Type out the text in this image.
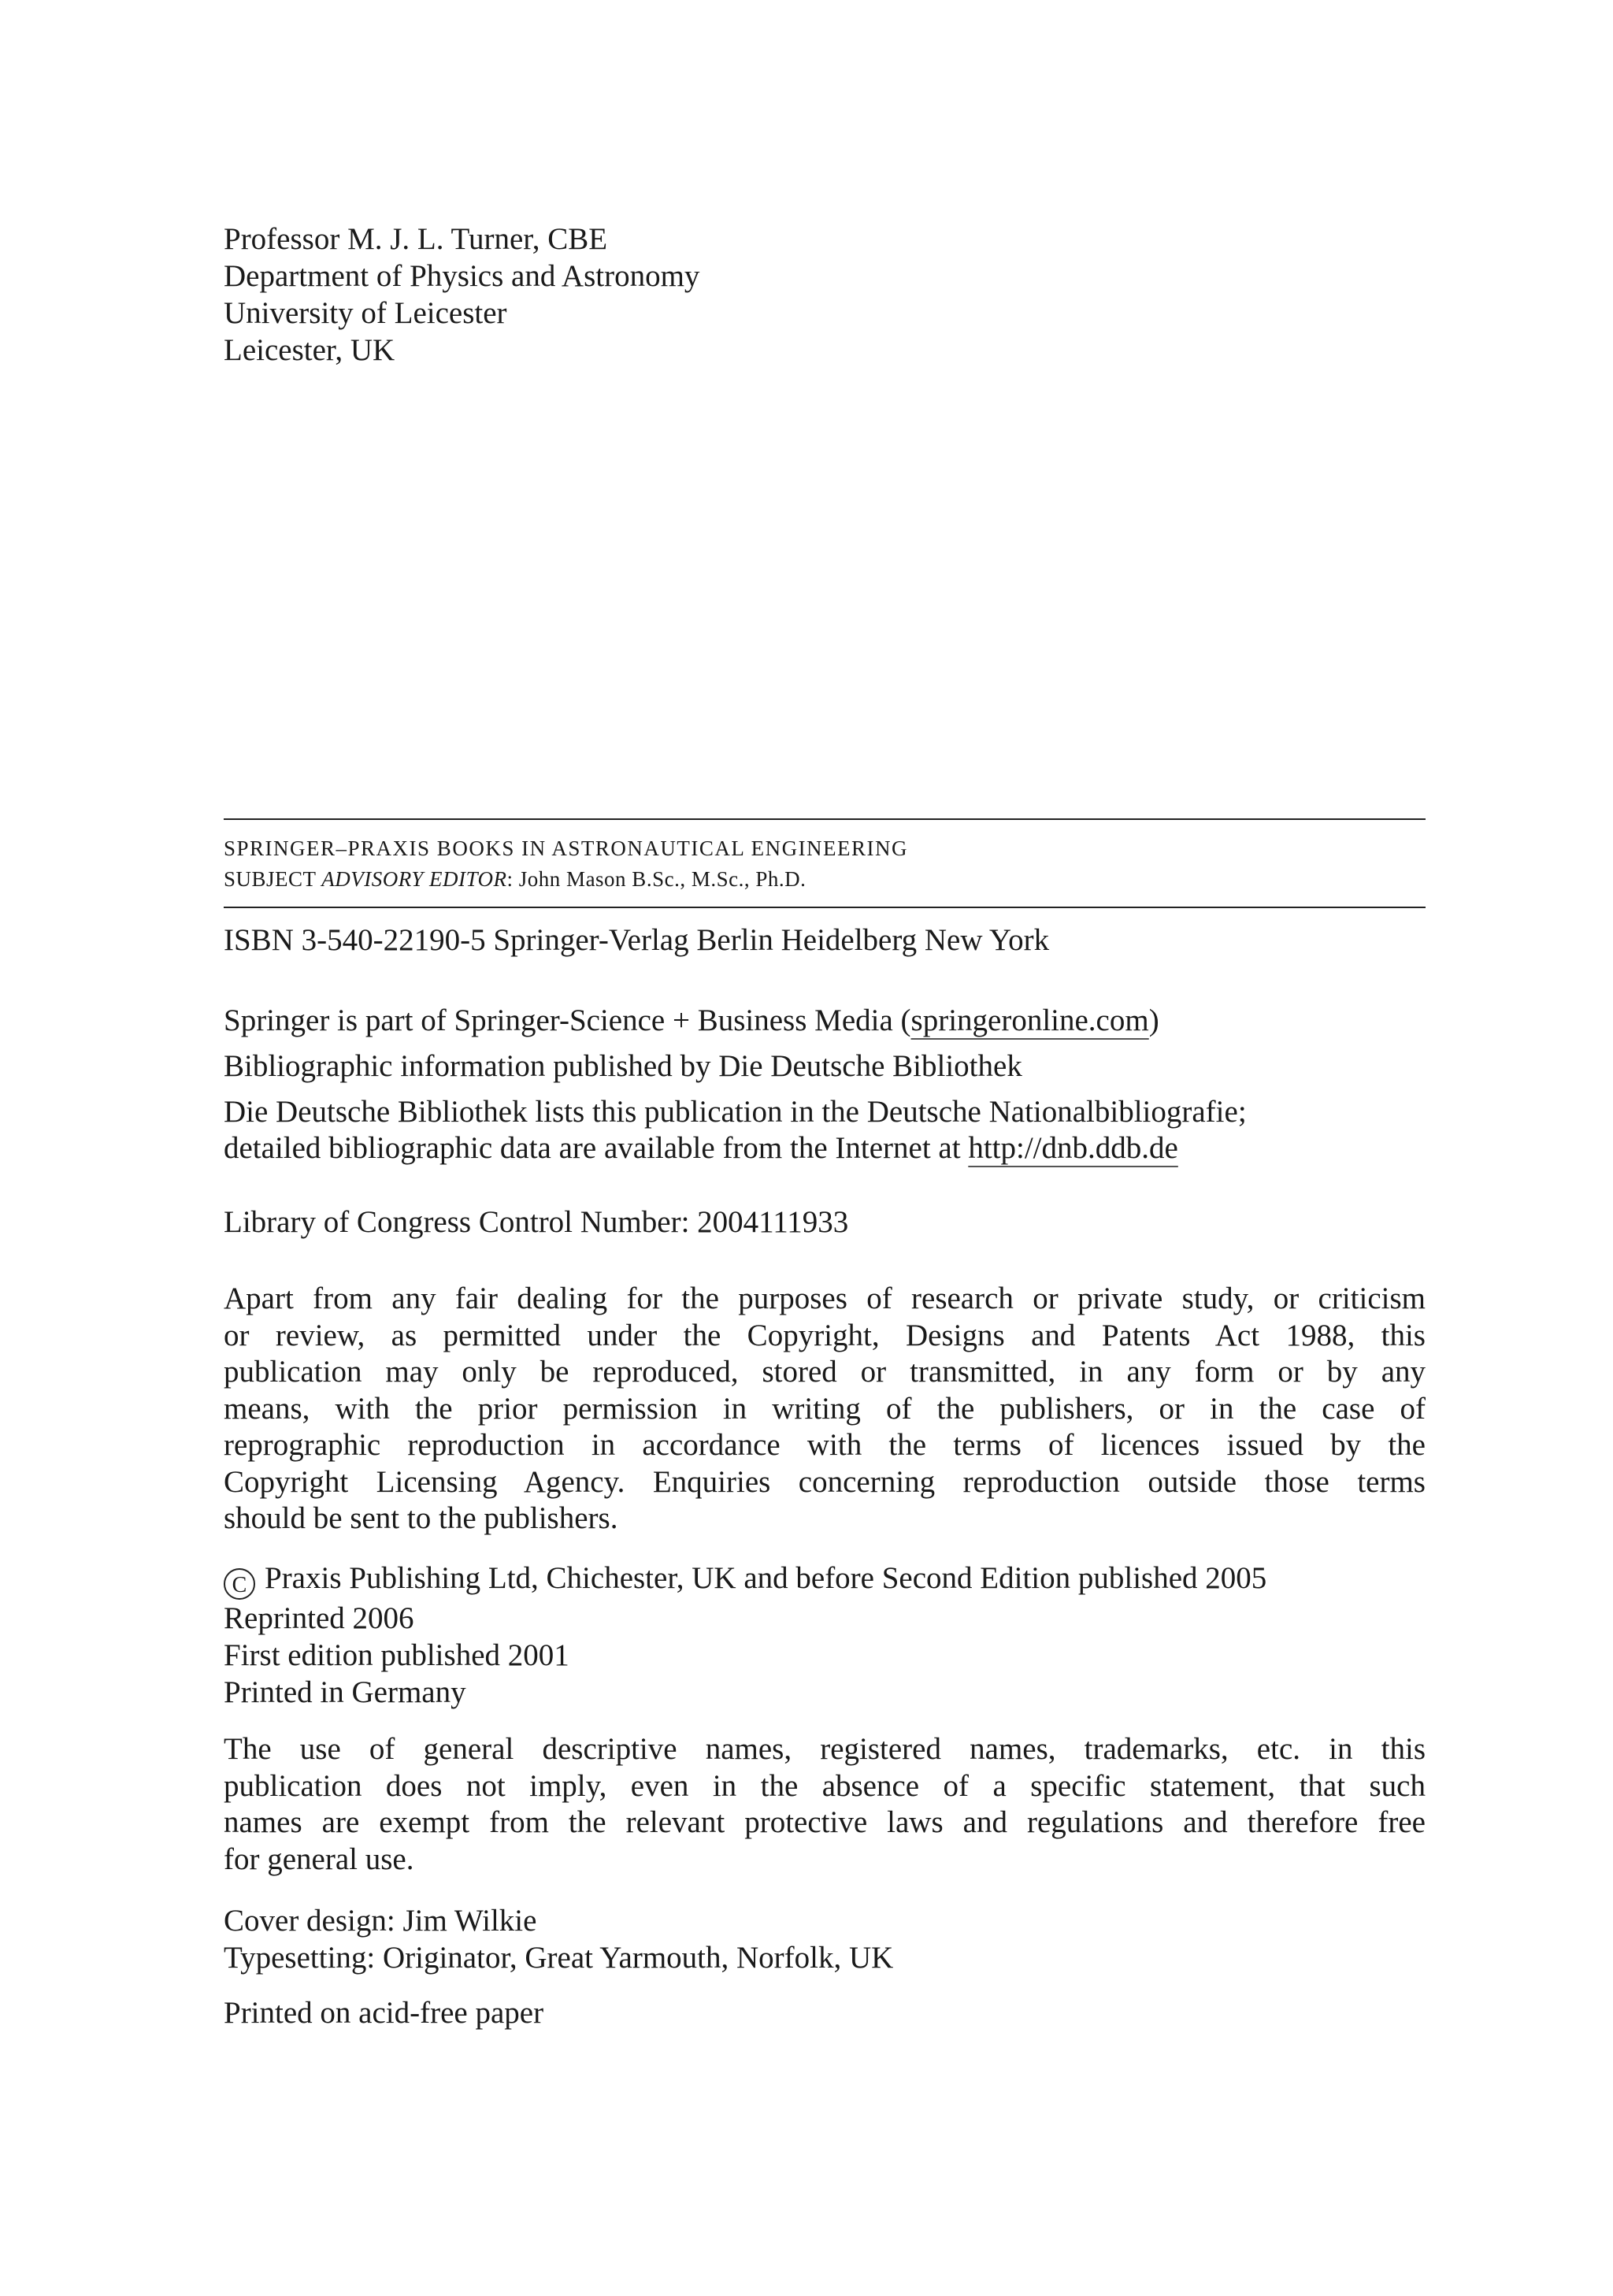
Professor M. J. L. Turner, CBE
Department of Physics and Astronomy
University of Leicester
Leicester, UK
SPRINGER–PRAXIS BOOKS IN ASTRONAUTICAL ENGINEERING
SUBJECT ADVISORY EDITOR: John Mason B.Sc., M.Sc., Ph.D.
ISBN 3-540-22190-5 Springer-Verlag Berlin Heidelberg New York
Springer is part of Springer-Science + Business Media (springeronline.com)
Bibliographic information published by Die Deutsche Bibliothek
Die Deutsche Bibliothek lists this publication in the Deutsche Nationalbibliografie;
detailed bibliographic data are available from the Internet at http://dnb.ddb.de
Library of Congress Control Number: 2004111933
Apart from any fair dealing for the purposes of research or private study, or criticism
or review, as permitted under the Copyright, Designs and Patents Act 1988, this
publication may only be reproduced, stored or transmitted, in any form or by any
means, with the prior permission in writing of the publishers, or in the case of
reprographic reproduction in accordance with the terms of licences issued by the
Copyright Licensing Agency. Enquiries concerning reproduction outside those terms
should be sent to the publishers.
C Praxis Publishing Ltd, Chichester, UK and before Second Edition published 2005
Reprinted 2006
First edition published 2001
Printed in Germany
The use of general descriptive names, registered names, trademarks, etc. in this
publication does not imply, even in the absence of a specific statement, that such
names are exempt from the relevant protective laws and regulations and therefore free
for general use.
Cover design: Jim Wilkie
Typesetting: Originator, Great Yarmouth, Norfolk, UK
Printed on acid-free paper
